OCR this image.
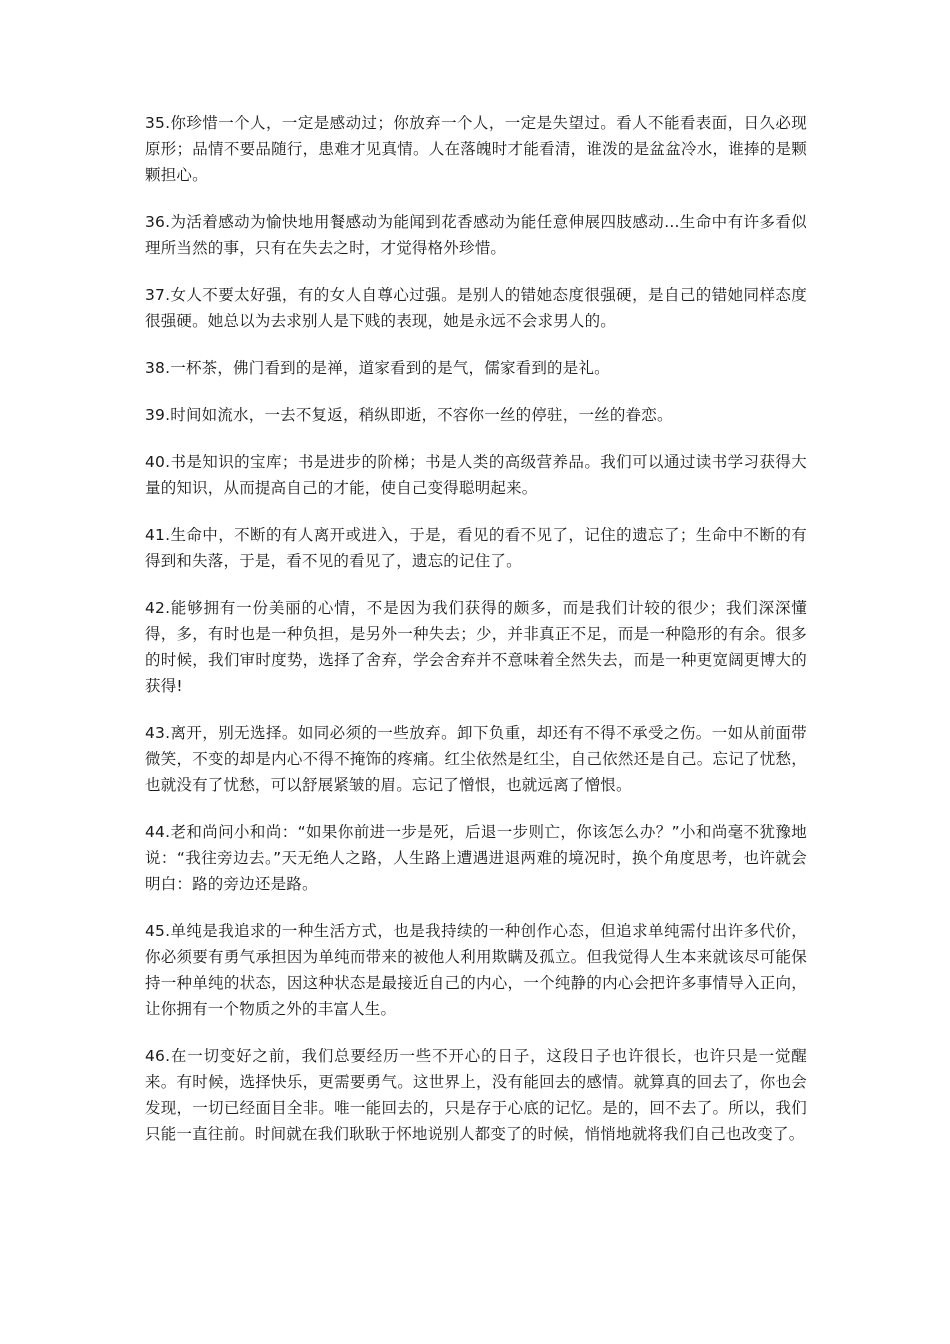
35.你珍惜一个人，一定是感动过；你放弃一个人，一定是失望过。看人不能看表面，日久必现原形；品情不要品随行，患难才见真情。人在落魄时才能看清，谁泼的是盆盆冷水，谁捧的是颗颗担心。

36.为活着感动为愉快地用餐感动为能闻到花香感动为能任意伸展四肢感动...生命中有许多看似理所当然的事，只有在失去之时，才觉得格外珍惜。

37.女人不要太好强，有的女人自尊心过强。是别人的错她态度很强硬，是自己的错她同样态度很强硬。她总以为去求别人是下贱的表现，她是永远不会求男人的。

38.一杯茶，佛门看到的是禅，道家看到的是气，儒家看到的是礼。

39.时间如流水，一去不复返，稍纵即逝，不容你一丝的停驻，一丝的眷恋。

40.书是知识的宝库；书是进步的阶梯；书是人类的高级营养品。我们可以通过读书学习获得大量的知识，从而提高自己的才能，使自己变得聪明起来。

41.生命中，不断的有人离开或进入，于是，看见的看不见了，记住的遗忘了；生命中不断的有得到和失落，于是，看不见的看见了，遗忘的记住了。

42.能够拥有一份美丽的心情，不是因为我们获得的颇多，而是我们计较的很少；我们深深懂得，多，有时也是一种负担，是另外一种失去；少，并非真正不足，而是一种隐形的有余。很多的时候，我们审时度势，选择了舍弃，学会舍弃并不意味着全然失去，而是一种更宽阔更博大的获得!

43.离开，别无选择。如同必须的一些放弃。卸下负重，却还有不得不承受之伤。一如从前面带微笑，不变的却是内心不得不掩饰的疼痛。红尘依然是红尘，自己依然还是自己。忘记了忧愁，也就没有了忧愁，可以舒展紧皱的眉。忘记了憎恨，也就远离了憎恨。

44.老和尚问小和尚：“如果你前进一步是死，后退一步则亡，你该怎么办？”小和尚毫不犹豫地说：“我往旁边去。”天无绝人之路，人生路上遭遇进退两难的境况时，换个角度思考，也许就会明白：路的旁边还是路。

45.单纯是我追求的一种生活方式，也是我持续的一种创作心态，但追求单纯需付出许多代价，你必须要有勇气承担因为单纯而带来的被他人利用欺瞒及孤立。但我觉得人生本来就该尽可能保持一种单纯的状态，因这种状态是最接近自己的内心，一个纯静的内心会把许多事情导入正向，让你拥有一个物质之外的丰富人生。

46.在一切变好之前，我们总要经历一些不开心的日子，这段日子也许很长，也许只是一觉醒来。有时候，选择快乐，更需要勇气。这世界上，没有能回去的感情。就算真的回去了，你也会发现，一切已经面目全非。唯一能回去的，只是存于心底的记忆。是的，回不去了。所以，我们只能一直往前。时间就在我们耿耿于怀地说别人都变了的时候，悄悄地就将我们自己也改变了。
